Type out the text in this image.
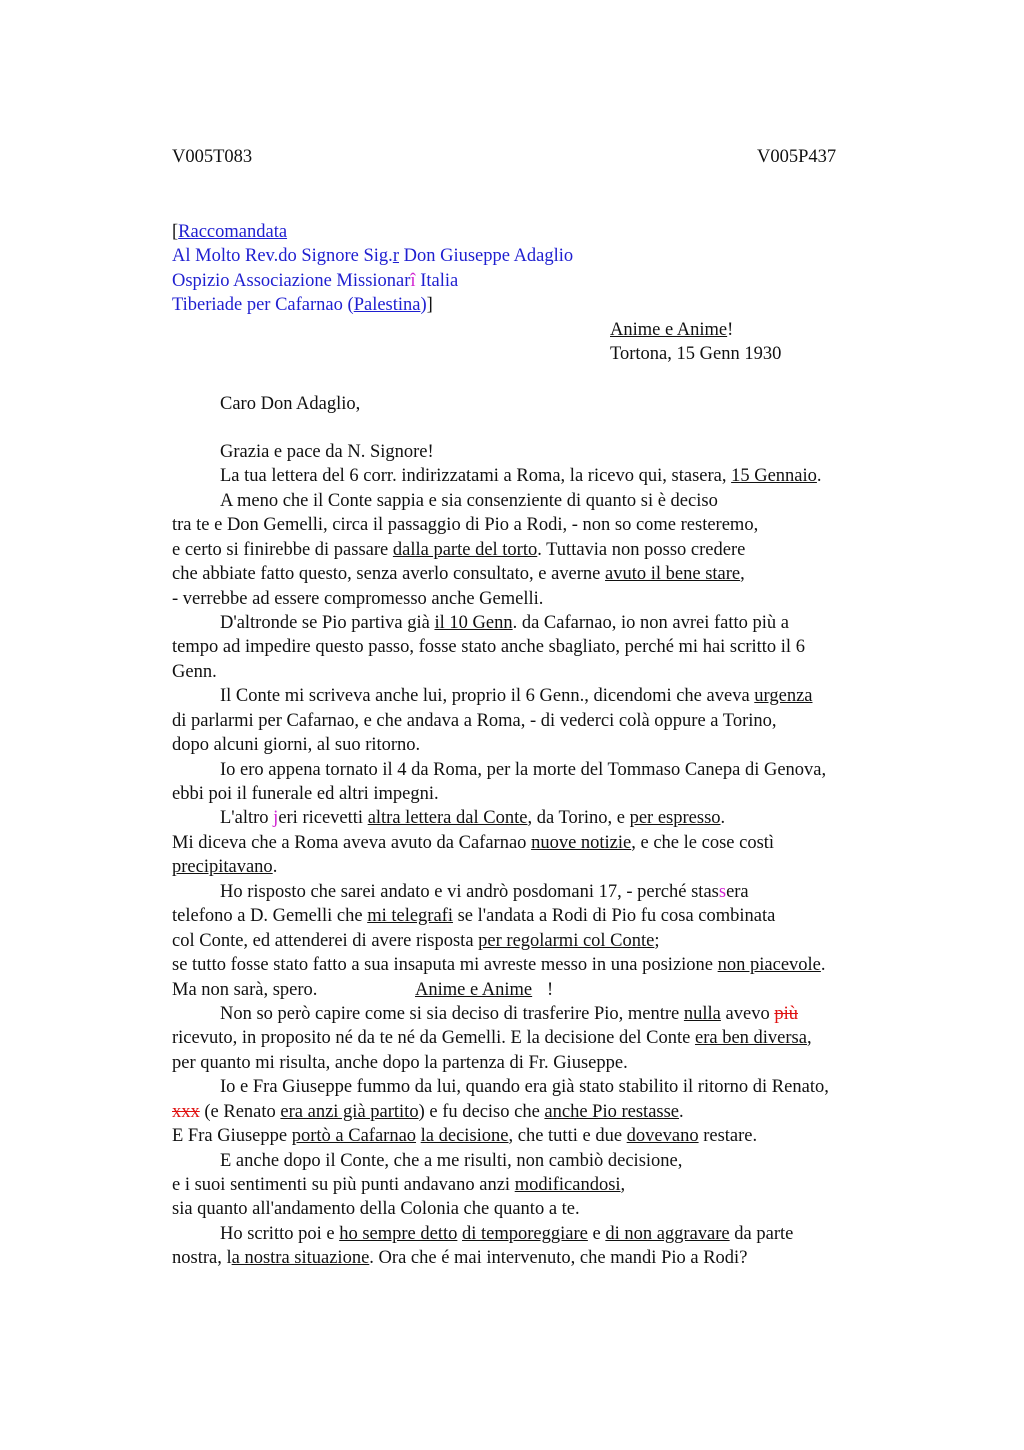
V005T083	V005P437
[Raccomandata
Al Molto Rev.do Signore Sig.r Don Giuseppe Adaglio
Ospizio Associazione Missionarî Italia
Tiberiade per Cafarnao (Palestina)]
Anime e Anime!
Tortona, 15 Genn 1930
Caro Don Adaglio,
Grazia e pace da N. Signore!
La tua lettera del 6 corr. indirizzatami a Roma, la ricevo qui, stasera, 15 Gennaio.
A meno che il Conte sappia e sia consenziente di quanto si è deciso
tra te e Don Gemelli, circa il passaggio di Pio a Rodi, - non so come resteremo,
e certo si finirebbe di passare dalla parte del torto. Tuttavia non posso credere
che abbiate fatto questo, senza averlo consultato, e averne avuto il bene stare,
- verrebbe ad essere compromesso anche Gemelli.
D'altronde se Pio partiva già il 10 Genn. da Cafarnao, io non avrei fatto più a
tempo ad impedire questo passo, fosse stato anche sbagliato, perché mi hai scritto il 6
Genn.
Il Conte mi scriveva anche lui, proprio il 6 Genn., dicendomi che aveva urgenza
di parlarmi per Cafarnao, e che andava a Roma, - di vederci colà oppure a Torino,
dopo alcuni giorni, al suo ritorno.
Io ero appena tornato il 4 da Roma, per la morte del Tommaso Canepa di Genova,
ebbi poi il funerale ed altri impegni.
L'altro jeri ricevetti altra lettera dal Conte, da Torino, e per espresso.
Mi diceva che a Roma aveva avuto da Cafarnao nuove notizie, e che le cose costì
precipitavano.
Ho risposto che sarei andato e vi andrò posdomani 17, - perché stassera
telefono a D. Gemelli che mi telegrafi se l'andata a Rodi di Pio fu cosa combinata
col Conte, ed attenderei di avere risposta per regolarmi col Conte;
se tutto fosse stato fatto a sua insaputa mi avreste messo in una posizione non piacevole.
Ma non sarà, spero.	Anime e Anime !
Non so però capire come si sia deciso di trasferire Pio, mentre nulla avevo più
ricevuto, in proposito né da te né da Gemelli. E la decisione del Conte era ben diversa,
per quanto mi risulta, anche dopo la partenza di Fr. Giuseppe.
Io e Fra Giuseppe fummo da lui, quando era già stato stabilito il ritorno di Renato,
xxx (e Renato era anzi già partito) e fu deciso che anche Pio restasse.
E Fra Giuseppe portò a Cafarnao la decisione, che tutti e due dovevano restare.
E anche dopo il Conte, che a me risulti, non cambiò decisione,
e i suoi sentimenti su più punti andavano anzi modificandosi,
sia quanto all'andamento della Colonia che quanto a te.
Ho scritto poi e ho sempre detto di temporeggiare e di non aggravare da parte
nostra, la nostra situazione. Ora che é mai intervenuto, che mandi Pio a Rodi?
